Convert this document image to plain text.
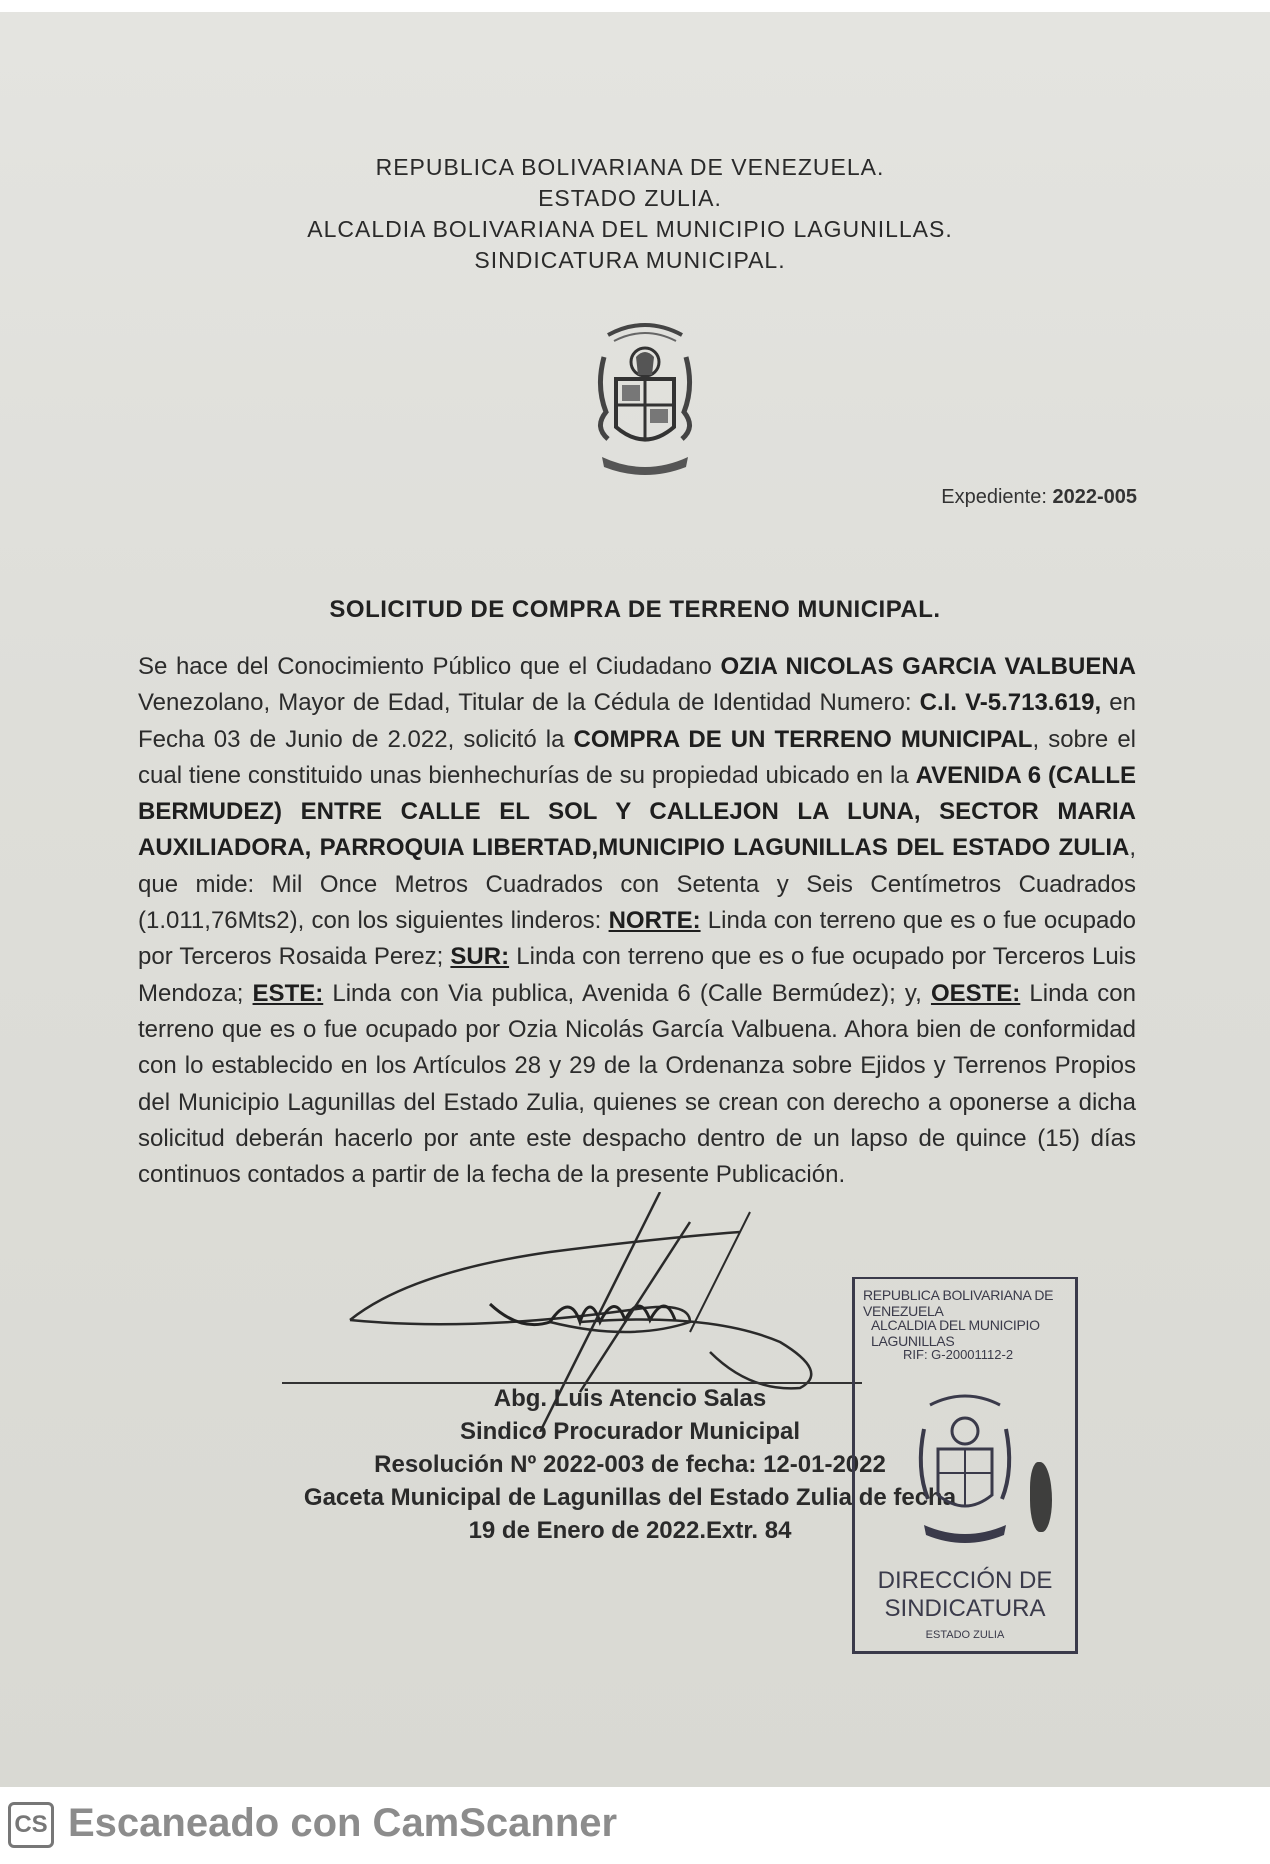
REPUBLICA BOLIVARIANA DE VENEZUELA.
ESTADO ZULIA.
ALCALDIA BOLIVARIANA DEL MUNICIPIO LAGUNILLAS.
SINDICATURA MUNICIPAL.
Expediente: 2022-005
SOLICITUD DE COMPRA DE TERRENO MUNICIPAL.
Se hace del Conocimiento Público que el Ciudadano OZIA NICOLAS GARCIA VALBUENA Venezolano, Mayor de Edad, Titular de la Cédula de Identidad Numero: C.I. V-5.713.619, en Fecha 03 de Junio de 2.022, solicitó la COMPRA DE UN TERRENO MUNICIPAL, sobre el cual tiene constituido unas bienhechurías de su propiedad ubicado en la AVENIDA 6 (CALLE BERMUDEZ) ENTRE CALLE EL SOL Y CALLEJON LA LUNA, SECTOR MARIA AUXILIADORA, PARROQUIA LIBERTAD,MUNICIPIO LAGUNILLAS DEL ESTADO ZULIA, que mide: Mil Once Metros Cuadrados con Setenta y Seis Centímetros Cuadrados (1.011,76Mts2), con los siguientes linderos: NORTE: Linda con terreno que es o fue ocupado por Terceros Rosaida Perez; SUR: Linda con terreno que es o fue ocupado por Terceros Luis Mendoza; ESTE: Linda con Via publica, Avenida 6 (Calle Bermúdez); y, OESTE: Linda con terreno que es o fue ocupado por Ozia Nicolás García Valbuena. Ahora bien de conformidad con lo establecido en los Artículos 28 y 29 de la Ordenanza sobre Ejidos y Terrenos Propios del Municipio Lagunillas del Estado Zulia, quienes se crean con derecho a oponerse a dicha solicitud deberán hacerlo por ante este despacho dentro de un lapso de quince (15) días continuos contados a partir de la fecha de la presente Publicación.
Abg. Luis Atencio Salas
Sindico Procurador Municipal
Resolución Nº 2022-003 de fecha: 12-01-2022
Gaceta Municipal de Lagunillas del Estado Zulia de fecha
19 de Enero de 2022.Extr. 84
REPUBLICA BOLIVARIANA DE VENEZUELA
ALCALDIA DEL MUNICIPIO LAGUNILLAS
RIF: G-20001112-2
DIRECCIÓN DE
SINDICATURA
ESTADO ZULIA
CS Escaneado con CamScanner
